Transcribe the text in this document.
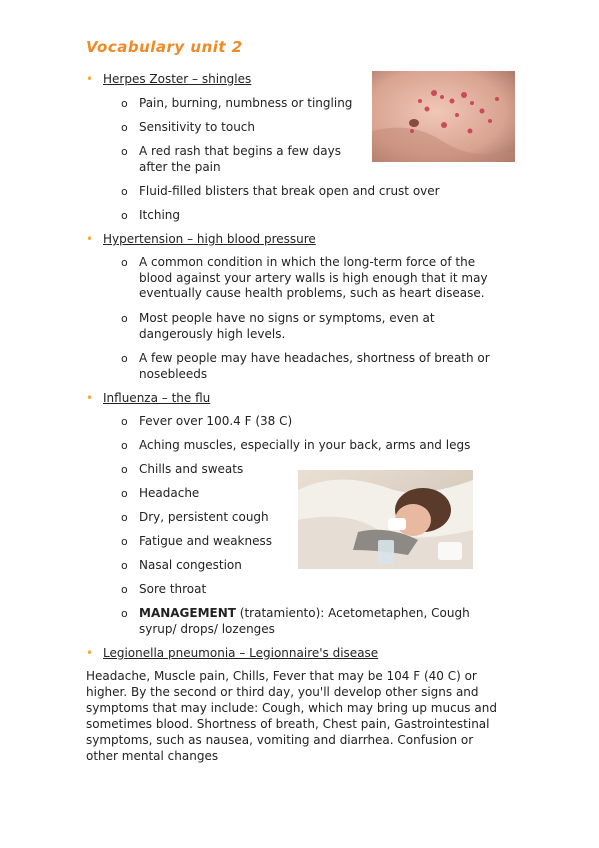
Vocabulary unit 2
• Herpes Zoster – shingles
o Pain, burning, numbness or tingling
o Sensitivity to touch
o A red rash that begins a few days
after the pain
o Fluid-filled blisters that break open and crust over
o Itching
• Hypertension – high blood pressure
o A common condition in which the long-term force of the
blood against your artery walls is high enough that it may
eventually cause health problems, such as heart disease.
o Most people have no signs or symptoms, even at
dangerously high levels.
o A few people may have headaches, shortness of breath or
nosebleeds
• Influenza – the flu
o Fever over 100.4 F (38 C)
o Aching muscles, especially in your back, arms and legs
o Chills and sweats
o Headache
o Dry, persistent cough
o Fatigue and weakness
o Nasal congestion
o Sore throat
o MANAGEMENT (tratamiento): Acetometaphen, Cough
syrup/ drops/ lozenges
• Legionella pneumonia – Legionnaire's disease
Headache, Muscle pain, Chills, Fever that may be 104 F (40 C) or higher. By the second or third day, you'll develop other signs and symptoms that may include: Cough, which may bring up mucus and sometimes blood. Shortness of breath, Chest pain, Gastrointestinal symptoms, such as nausea, vomiting and diarrhea. Confusion or other mental changes
